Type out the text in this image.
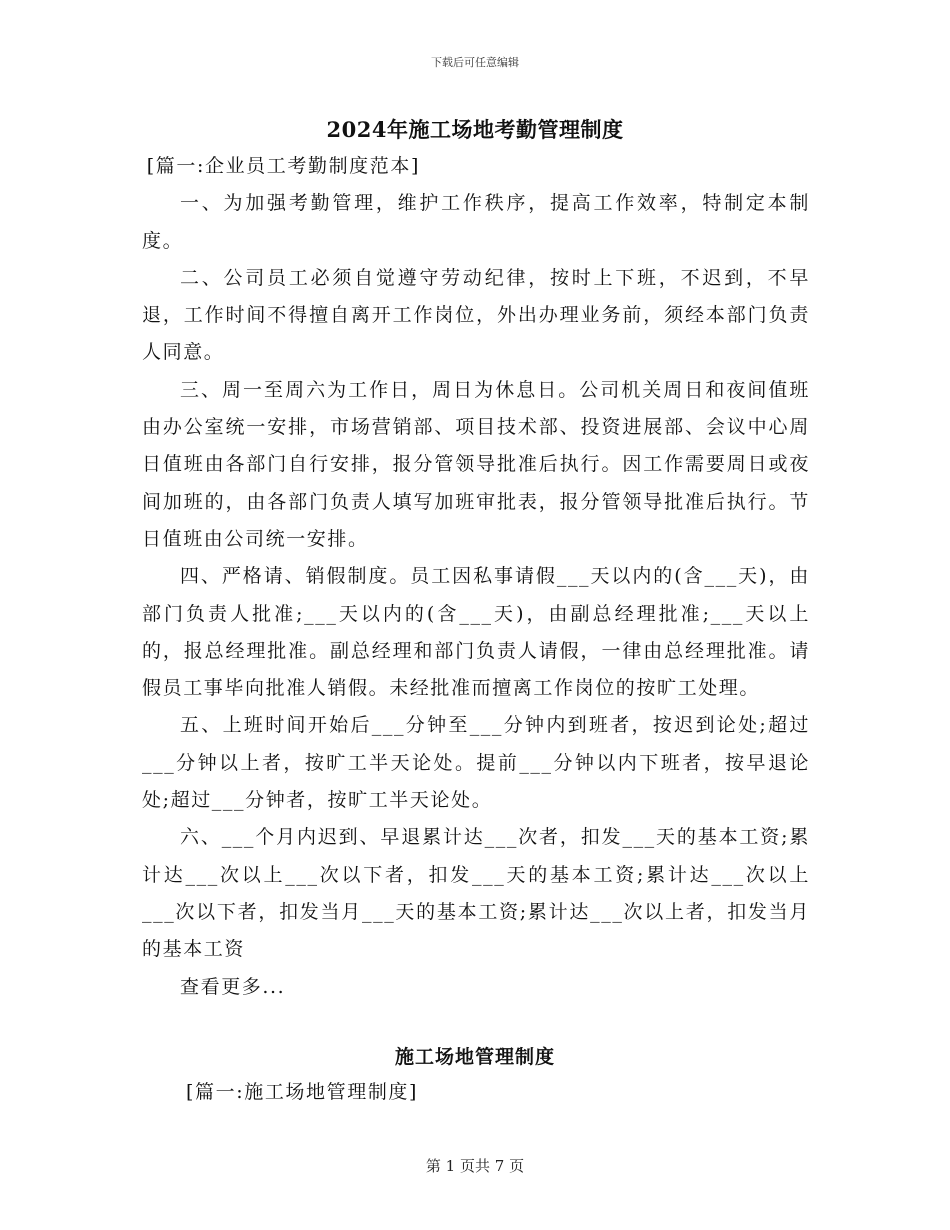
下载后可任意编辑
2024年施工场地考勤管理制度

[篇一:企业员工考勤制度范本]

一、为加强考勤管理，维护工作秩序，提高工作效率，特制定本制度。

二、公司员工必须自觉遵守劳动纪律，按时上下班，不迟到，不早退，工作时间不得擅自离开工作岗位，外出办理业务前，须经本部门负责人同意。

三、周一至周六为工作日，周日为休息日。公司机关周日和夜间值班由办公室统一安排，市场营销部、项目技术部、投资进展部、会议中心周日值班由各部门自行安排，报分管领导批准后执行。因工作需要周日或夜间加班的，由各部门负责人填写加班审批表，报分管领导批准后执行。节日值班由公司统一安排。

四、严格请、销假制度。员工因私事请假___天以内的(含___天)，由部门负责人批准;___天以内的(含___天)，由副总经理批准;___天以上的，报总经理批准。副总经理和部门负责人请假，一律由总经理批准。请假员工事毕向批准人销假。未经批准而擅离工作岗位的按旷工处理。

五、上班时间开始后___分钟至___分钟内到班者，按迟到论处;超过___分钟以上者，按旷工半天论处。提前___分钟以内下班者，按早退论处;超过___分钟者，按旷工半天论处。

六、___个月内迟到、早退累计达___次者，扣发___天的基本工资;累计达___次以上___次以下者，扣发___天的基本工资;累计达___次以上___次以下者，扣发当月___天的基本工资;累计达___次以上者，扣发当月的基本工资

查看更多...

施工场地管理制度
[篇一:施工场地管理制度]
第 1 页共 7 页
